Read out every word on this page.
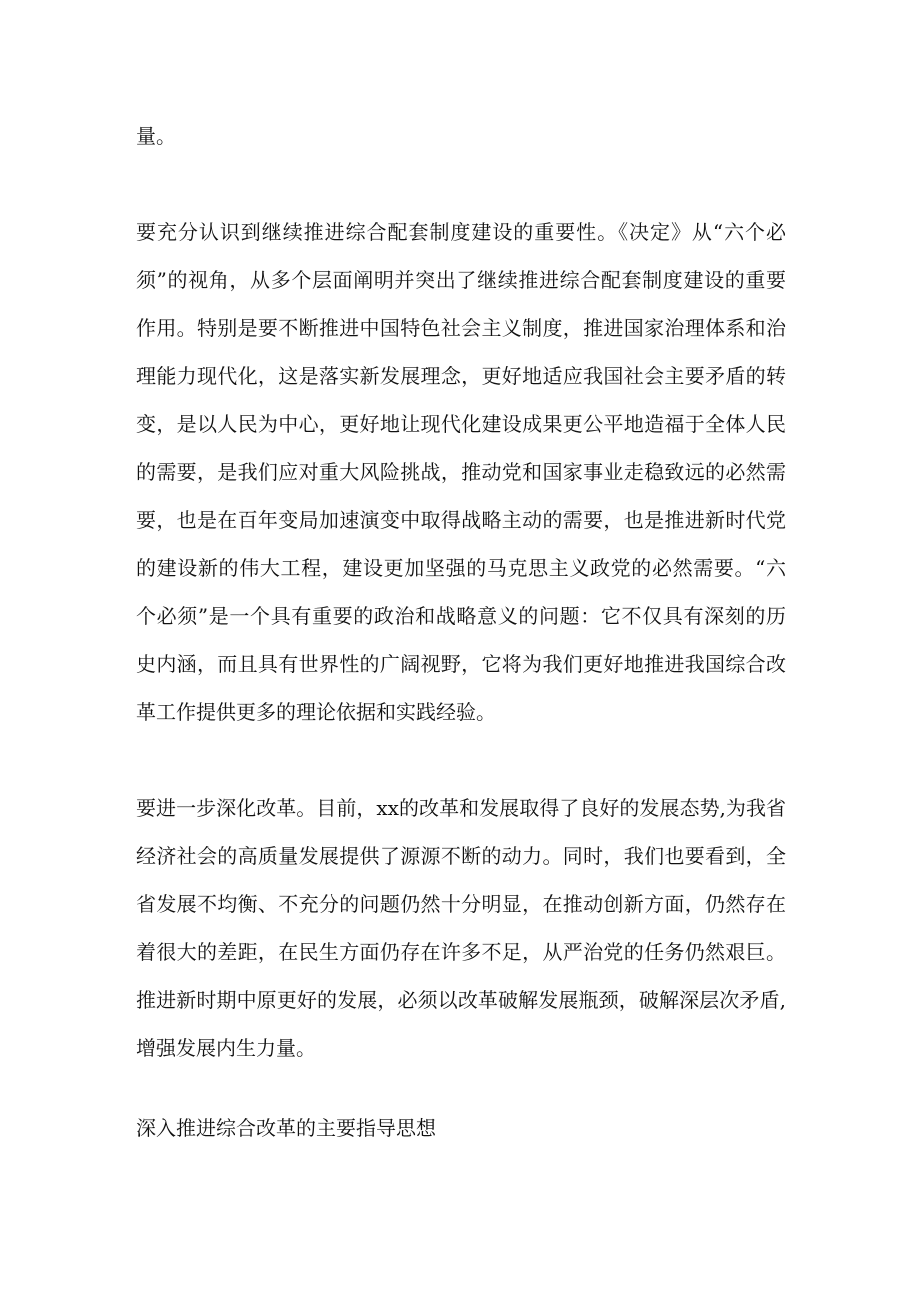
量。
要充分认识到继续推进综合配套制度建设的重要性。《决定》从“六个必
须”的视角，从多个层面阐明并突出了继续推进综合配套制度建设的重要
作用。特别是要不断推进中国特色社会主义制度，推进国家治理体系和治
理能力现代化，这是落实新发展理念，更好地适应我国社会主要矛盾的转
变，是以人民为中心，更好地让现代化建设成果更公平地造福于全体人民
的需要，是我们应对重大风险挑战，推动党和国家事业走稳致远的必然需
要，也是在百年变局加速演变中取得战略主动的需要，也是推进新时代党
的建设新的伟大工程，建设更加坚强的马克思主义政党的必然需要。“六
个必须”是一个具有重要的政治和战略意义的问题：它不仅具有深刻的历
史内涵，而且具有世界性的广阔视野，它将为我们更好地推进我国综合改
革工作提供更多的理论依据和实践经验。
要进一步深化改革。目前，xx的改革和发展取得了良好的发展态势,为我省
经济社会的高质量发展提供了源源不断的动力。同时，我们也要看到，全
省发展不均衡、不充分的问题仍然十分明显，在推动创新方面，仍然存在
着很大的差距，在民生方面仍存在许多不足，从严治党的任务仍然艰巨。
推进新时期中原更好的发展，必须以改革破解发展瓶颈，破解深层次矛盾,
增强发展内生力量。
深入推进综合改革的主要指导思想
